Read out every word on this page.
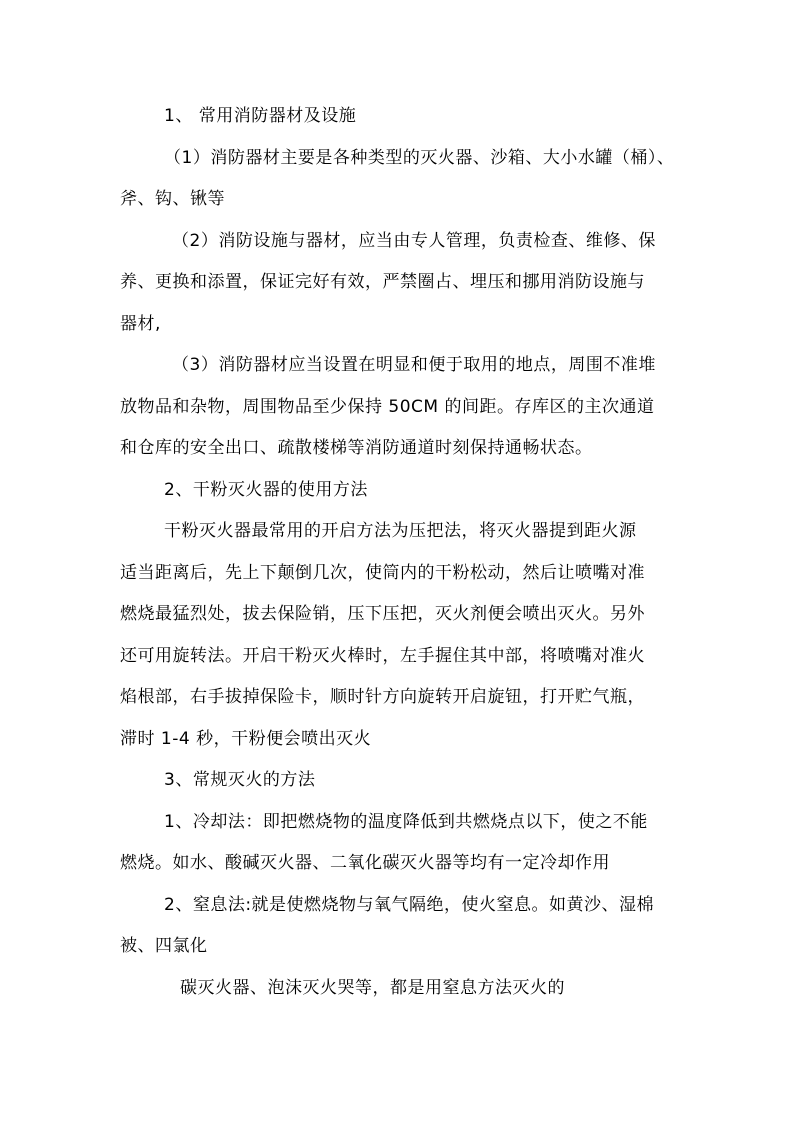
1、 常用消防器材及设施
（1）消防器材主要是各种类型的灭火器、沙箱、大小水罐（桶）、
斧、钩、锹等
（2）消防设施与器材，应当由专人管理，负责检查、维修、保
养、更换和添置，保证完好有效，严禁圈占、埋压和挪用消防设施与
器材,
（3）消防器材应当设置在明显和便于取用的地点，周围不准堆
放物品和杂物，周围物品至少保持 50CM 的间距。存库区的主次通道
和仓库的安全出口、疏散楼梯等消防通道时刻保持通畅状态。
2、干粉灭火器的使用方法
干粉灭火器最常用的开启方法为压把法，将灭火器提到距火源
适当距离后，先上下颠倒几次，使筒内的干粉松动，然后让喷嘴对准
燃烧最猛烈处，拔去保险销，压下压把，灭火剂便会喷出灭火。另外
还可用旋转法。开启干粉灭火棒时，左手握住其中部，将喷嘴对准火
焰根部，右手拔掉保险卡，顺时针方向旋转开启旋钮，打开贮气瓶，
滞时 1-4 秒，干粉便会喷出灭火
3、常规灭火的方法
1、冷却法：即把燃烧物的温度降低到共燃烧点以下，使之不能
燃烧。如水、酸碱灭火器、二氧化碳灭火器等均有一定冷却作用
2、窒息法:就是使燃烧物与氧气隔绝，使火窒息。如黄沙、湿棉
被、四氯化
碳灭火器、泡沫灭火哭等，都是用窒息方法灭火的
